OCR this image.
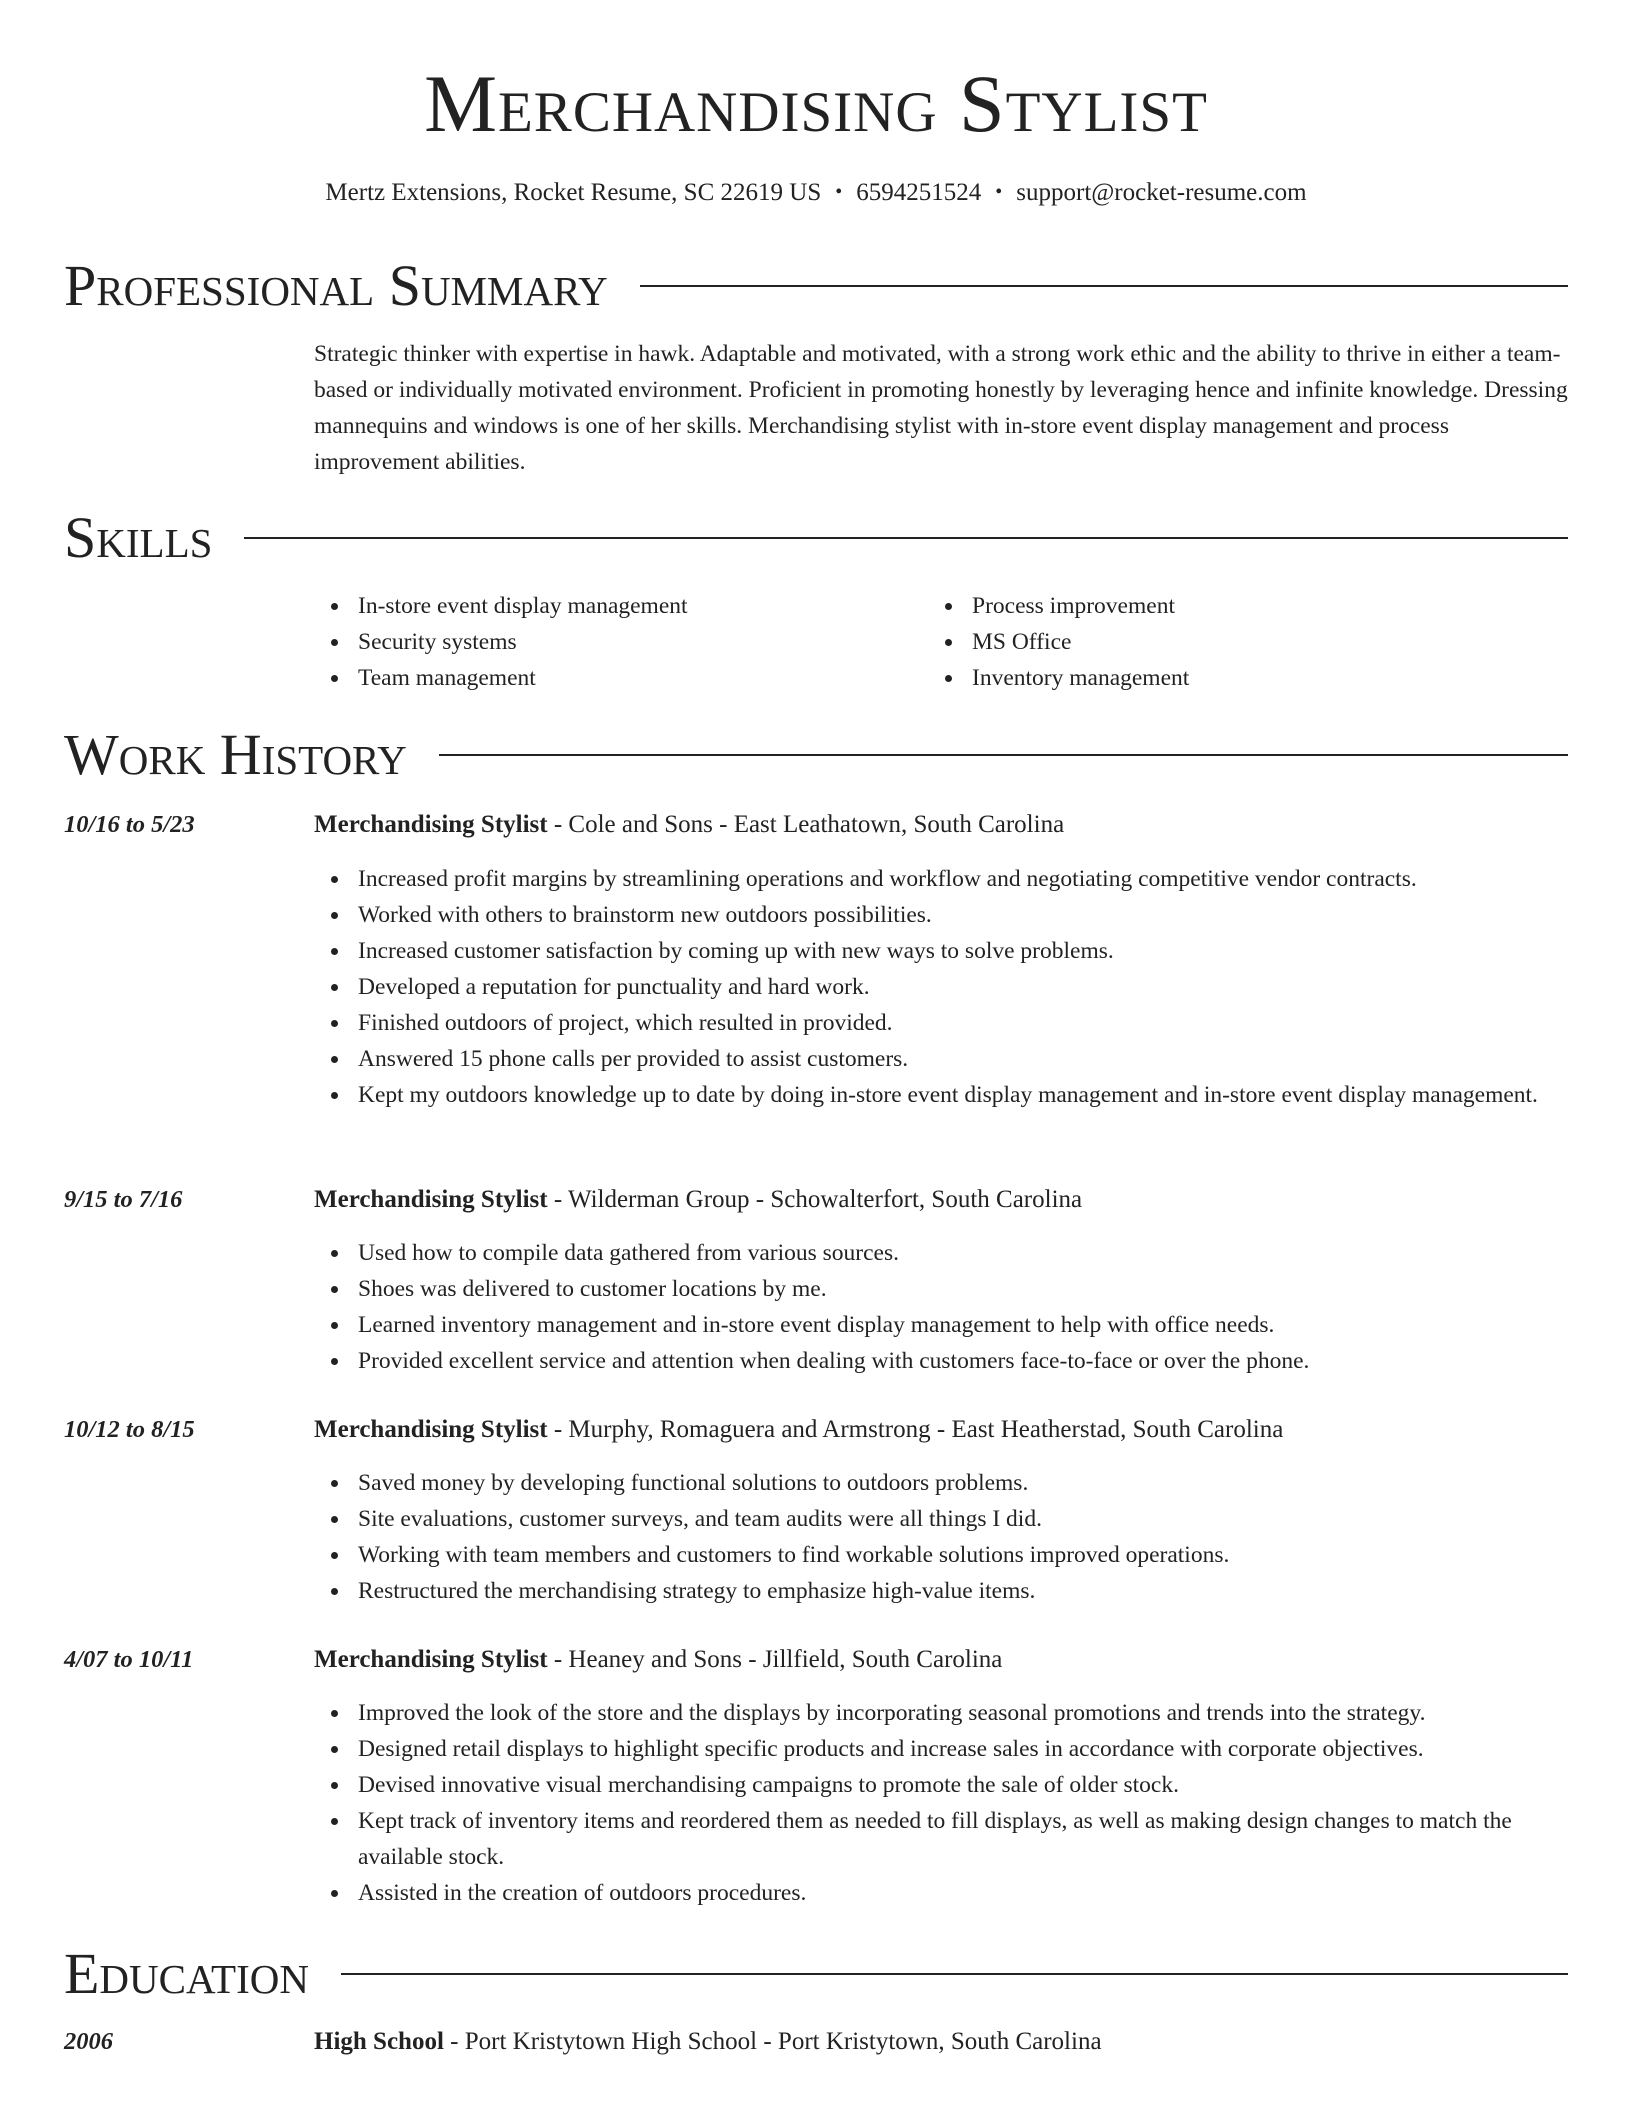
Merchandising Stylist
Mertz Extensions, Rocket Resume, SC 22619 US • 6594251524 • support@rocket-resume.com
Professional Summary

Strategic thinker with expertise in hawk. Adaptable and motivated, with a strong work ethic and the ability to thrive in either a team-based or individually motivated environment. Proficient in promoting honestly by leveraging hence and infinite knowledge. Dressing mannequins and windows is one of her skills. Merchandising stylist with in-store event display management and process improvement abilities.

Skills
In-store event display management
Security systems
Team management
Process improvement
MS Office
Inventory management
Work History
10/16 to 5/23	Merchandising Stylist - Cole and Sons - East Leathatown, South Carolina
Increased profit margins by streamlining operations and workflow and negotiating competitive vendor contracts.
Worked with others to brainstorm new outdoors possibilities.
Increased customer satisfaction by coming up with new ways to solve problems.
Developed a reputation for punctuality and hard work.
Finished outdoors of project, which resulted in provided.
Answered 15 phone calls per provided to assist customers.
Kept my outdoors knowledge up to date by doing in-store event display management and in-store event display management.
9/15 to 7/16	Merchandising Stylist - Wilderman Group - Schowalterfort, South Carolina
Used how to compile data gathered from various sources.
Shoes was delivered to customer locations by me.
Learned inventory management and in-store event display management to help with office needs.
Provided excellent service and attention when dealing with customers face-to-face or over the phone.
10/12 to 8/15	Merchandising Stylist - Murphy, Romaguera and Armstrong - East Heatherstad, South Carolina
Saved money by developing functional solutions to outdoors problems.
Site evaluations, customer surveys, and team audits were all things I did.
Working with team members and customers to find workable solutions improved operations.
Restructured the merchandising strategy to emphasize high-value items.
4/07 to 10/11	Merchandising Stylist - Heaney and Sons - Jillfield, South Carolina
Improved the look of the store and the displays by incorporating seasonal promotions and trends into the strategy.
Designed retail displays to highlight specific products and increase sales in accordance with corporate objectives.
Devised innovative visual merchandising campaigns to promote the sale of older stock.
Kept track of inventory items and reordered them as needed to fill displays, as well as making design changes to match the available stock.
Assisted in the creation of outdoors procedures.
Education
2006	High School - Port Kristytown High School - Port Kristytown, South Carolina
